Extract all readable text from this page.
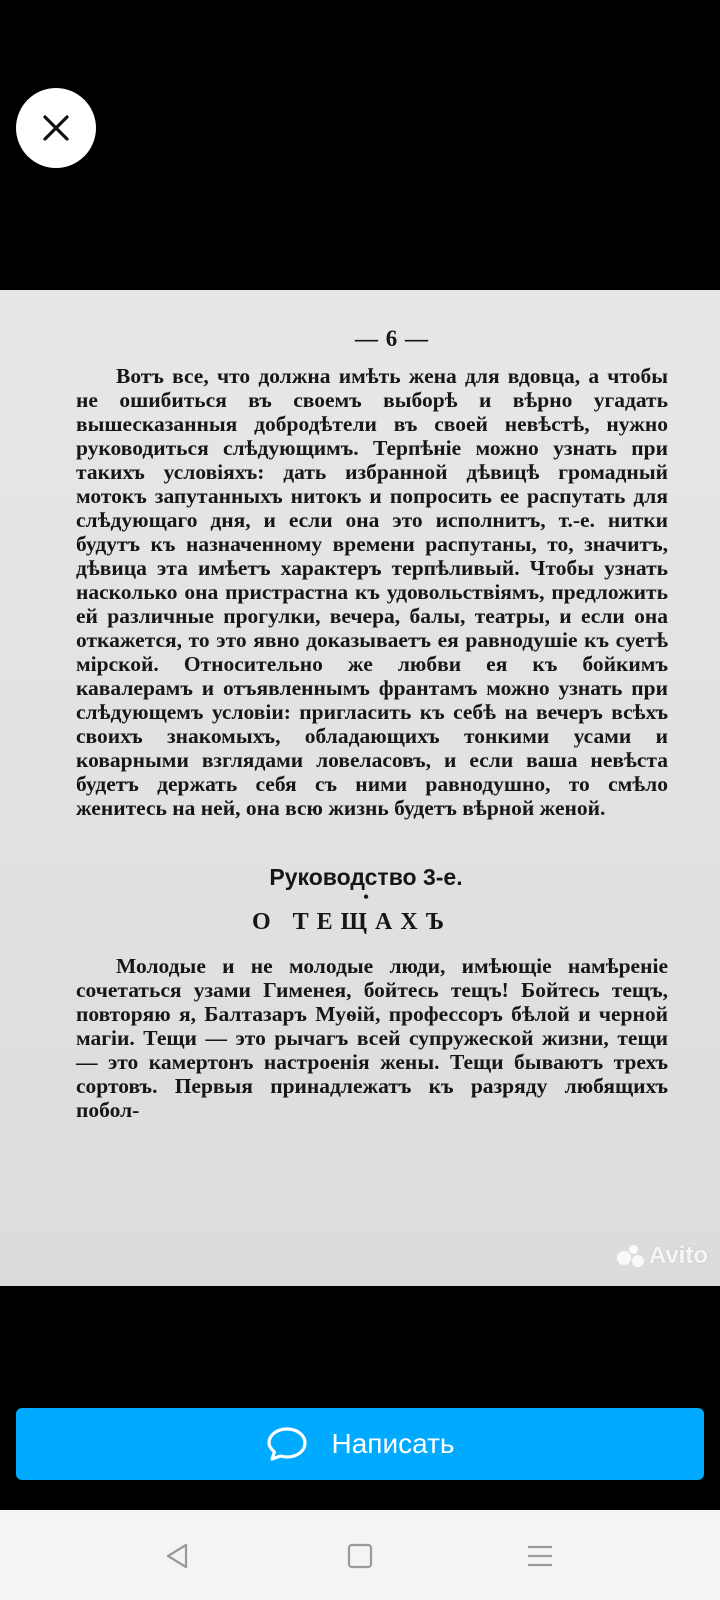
— 6 —

Вотъ все, что должна имѣть жена для вдовца, а чтобы не ошибиться въ своемъ выборѣ и вѣрно угадать вышесказанныя добродѣтели въ своей невѣстѣ, нужно руководиться слѣдующимъ. Терпѣніе можно узнать при такихъ условіяхъ: дать избранной дѣвицѣ громадный мотокъ запутанныхъ нитокъ и попросить ее распутать для слѣдующаго дня, и если она это исполнитъ, т.-е. нитки будутъ къ назначенному времени распутаны, то, значитъ, дѣвица эта имѣетъ характеръ терпѣливый. Чтобы узнать насколько она пристрастна къ удовольствіямъ, предложить ей различные прогулки, вечера, балы, театры, и если она откажется, то это явно доказываетъ ея равнодушіе къ суетѣ мірской. Относительно же любви ея къ бойкимъ кавалерамъ и отъявленнымъ франтамъ можно узнать при слѣдующемъ условіи: пригласить къ себѣ на вечеръ всѣхъ своихъ знакомыхъ, обладающихъ тонкими усами и коварными взглядами ловеласовъ, и если ваша невѣста будетъ держать себя съ ними равнодушно, то смѣло женитесь на ней, она всю жизнь будетъ вѣрной женой.

Руководство 3-е.
•
О ТЕЩАХЪ

Молодые и не молодые люди, имѣющіе намѣреніе сочетаться узами Гименея, бойтесь тещъ! Бойтесь тещъ, повторяю я, Балтазаръ Муѳій, профессоръ бѣлой и черной магіи. Тещи — это рычагъ всей супружеской жизни, тещи — это камертонъ настроенія жены. Тещи бываютъ трехъ сортовъ. Первыя принадлежатъ къ разряду любящихъ побол-

Avito
Написать
